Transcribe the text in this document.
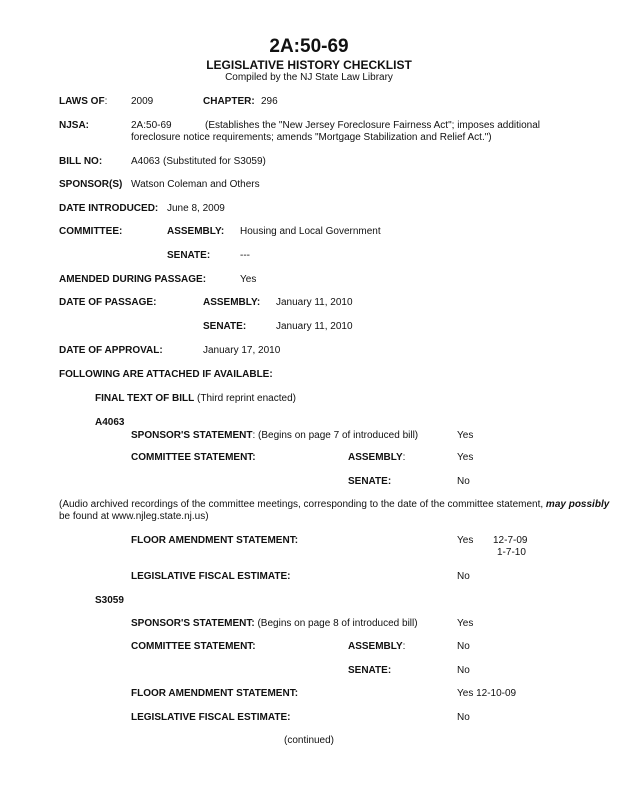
2A:50-69
LEGISLATIVE HISTORY CHECKLIST
Compiled by the NJ State Law Library
LAWS OF: 2009	CHAPTER: 296
NJSA:	2A:50-69	(Establishes the "New Jersey Foreclosure Fairness Act"; imposes additional foreclosure notice requirements; amends "Mortgage Stabilization and Relief Act.")
BILL NO:	A4063 (Substituted for S3059)
SPONSOR(S) Watson Coleman and Others
DATE INTRODUCED: June 8, 2009
COMMITTEE:	ASSEMBLY: Housing and Local Government
SENATE:	---
AMENDED DURING PASSAGE:	Yes
DATE OF PASSAGE:	ASSEMBLY: January 11, 2010
SENATE:	January 11, 2010
DATE OF APPROVAL:	January 17, 2010
FOLLOWING ARE ATTACHED IF AVAILABLE:
FINAL TEXT OF BILL (Third reprint enacted)
A4063
SPONSOR'S STATEMENT: (Begins on page 7 of introduced bill)	Yes
COMMITTEE STATEMENT:	ASSEMBLY:	Yes
SENATE:	No
(Audio archived recordings of the committee meetings, corresponding to the date of the committee statement, may possibly
be found at www.njleg.state.nj.us)
FLOOR AMENDMENT STATEMENT:	Yes 12-7-09
1-7-10
LEGISLATIVE FISCAL ESTIMATE:	No
S3059
SPONSOR'S STATEMENT: (Begins on page 8 of introduced bill)	Yes
COMMITTEE STATEMENT:	ASSEMBLY:	No
SENATE:	No
FLOOR AMENDMENT STATEMENT:	Yes 12-10-09
LEGISLATIVE FISCAL ESTIMATE:	No
(continued)
